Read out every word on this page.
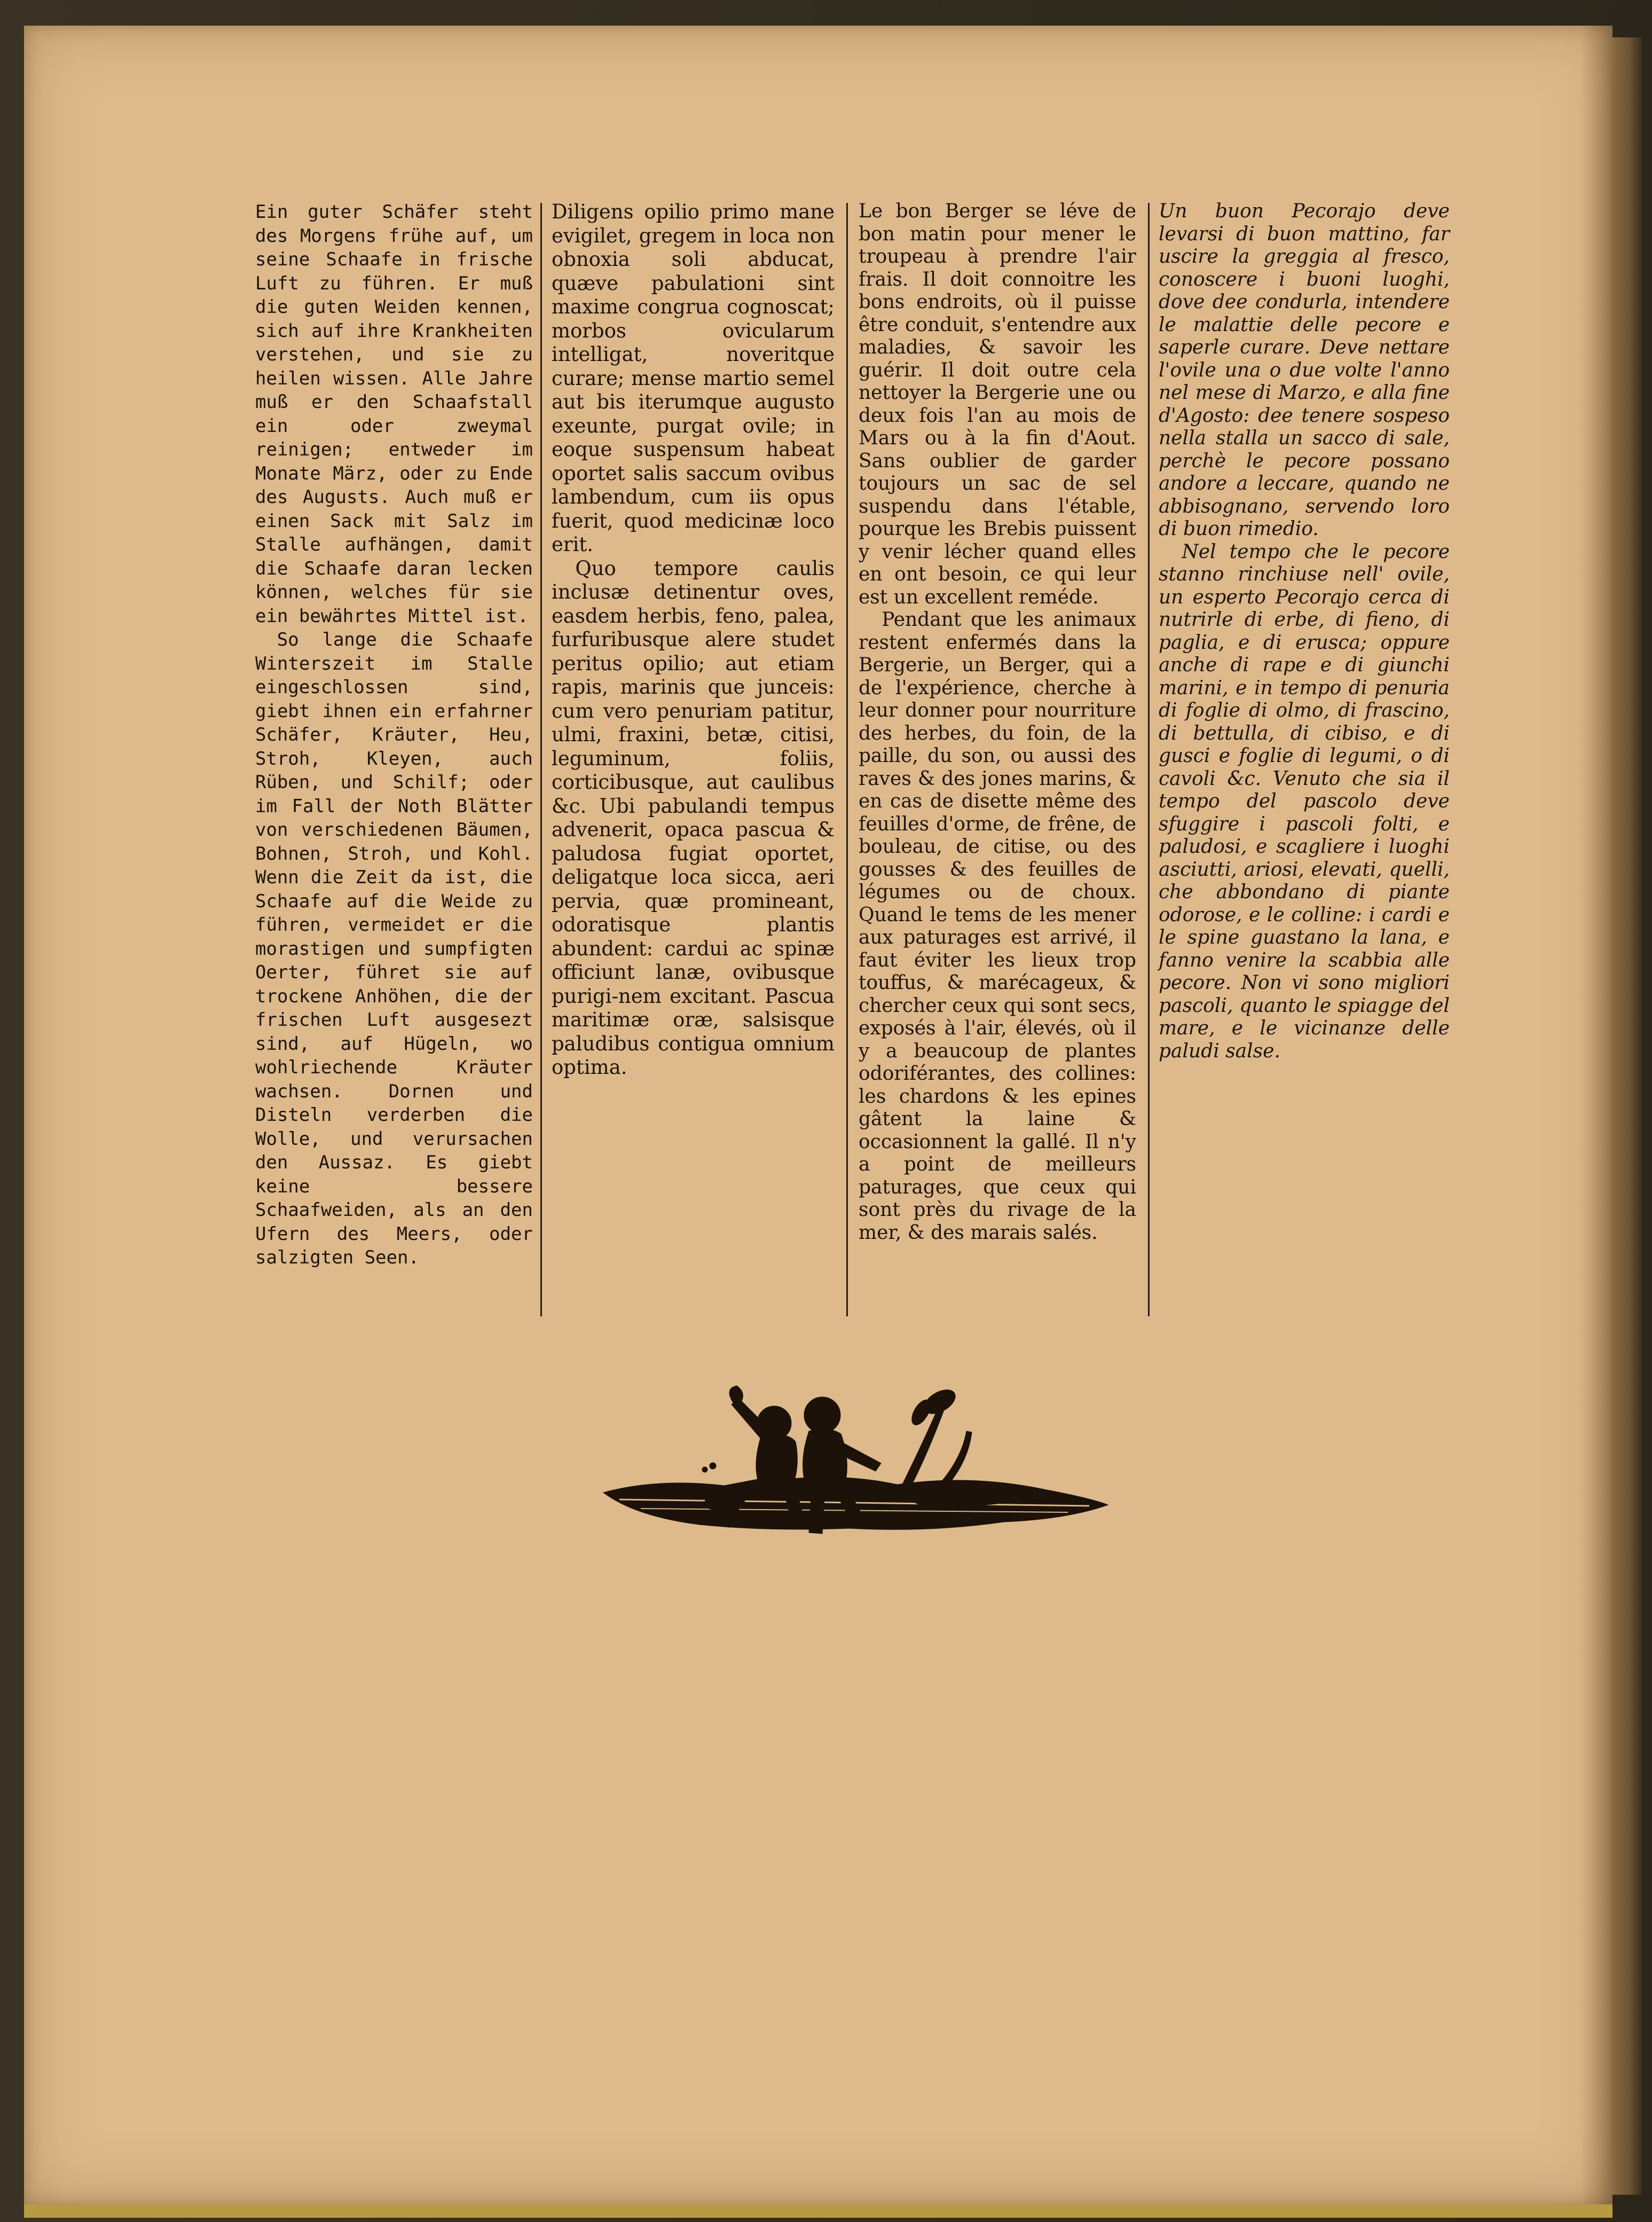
Ein guter Schäfer steht des Morgens frühe auf, um seine Schaafe in frische Luft zu führen. Er muß die guten Weiden kennen, sich auf ihre Krankheiten verstehen, und sie zu heilen wissen. Alle Jahre muß er den Schaafstall ein oder zweymal reinigen; entweder im Monate März, oder zu Ende des Augusts. Auch muß er einen Sack mit Salz im Stalle aufhängen, damit die Schaafe daran lecken können, welches für sie ein bewährtes Mittel ist.

So lange die Schaafe Winterszeit im Stalle eingeschlossen sind, giebt ihnen ein erfahrner Schäfer, Kräuter, Heu, Stroh, Kleyen, auch Rüben, und Schilf; oder im Fall der Noth Blätter von verschiedenen Bäumen, Bohnen, Stroh, und Kohl. Wenn die Zeit da ist, die Schaafe auf die Weide zu führen, vermeidet er die morastigen und sumpfigten Oerter, führet sie auf trockene Anhöhen, die der frischen Luft ausgesezt sind, auf Hügeln, wo wohlriechende Kräuter wachsen. Dornen und Disteln verderben die Wolle, und verursachen den Aussaz. Es giebt keine bessere Schaafweiden, als an den Ufern des Meers, oder salzigten Seen.

Diligens opilio primo mane evigilet, gregem in loca non obnoxia soli abducat, quæve pabulationi sint maxime congrua cognoscat; morbos ovicularum intelligat, noveritque curare; mense martio semel aut bis iterumque augusto exeunte, purgat ovile; in eoque suspensum habeat oportet salis saccum ovibus lambendum, cum iis opus fuerit, quod medicinæ loco erit.

Quo tempore caulis inclusæ detinentur oves, easdem herbis, feno, palea, furfuribusque alere studet peritus opilio; aut etiam rapis, marinis que junceis: cum vero penuriam patitur, ulmi, fraxini, betæ, citisi, leguminum, foliis, corticibusque, aut caulibus &c. Ubi pabulandi tempus advenerit, opaca pascua & paludosa fugiat oportet, deligatque loca sicca, aeri pervia, quæ promineant, odoratisque plantis abundent: cardui ac spinæ officiunt lanæ, ovibusque purigi-nem excitant. Pascua maritimæ oræ, salsisque paludibus contigua omnium optima.

Le bon Berger se léve de bon matin pour mener le troupeau à prendre l'air frais. Il doit connoitre les bons endroits, où il puisse être conduit, s'entendre aux maladies, & savoir les guérir. Il doit outre cela nettoyer la Bergerie une ou deux fois l'an au mois de Mars ou à la fin d'Aout. Sans oublier de garder toujours un sac de sel suspendu dans l'étable, pourque les Brebis puissent y venir lécher quand elles en ont besoin, ce qui leur est un excellent reméde.

Pendant que les animaux restent enfermés dans la Bergerie, un Berger, qui a de l'expérience, cherche à leur donner pour nourriture des herbes, du foin, de la paille, du son, ou aussi des raves & des jones marins, & en cas de disette même des feuilles d'orme, de frêne, de bouleau, de citise, ou des gousses & des feuilles de légumes ou de choux. Quand le tems de les mener aux paturages est arrivé, il faut éviter les lieux trop touffus, & marécageux, & chercher ceux qui sont secs, exposés à l'air, élevés, où il y a beaucoup de plantes odoriférantes, des collines: les chardons & les epines gâtent la laine & occasionnent la gallé. Il n'y a point de meilleurs paturages, que ceux qui sont près du rivage de la mer, & des marais salés.

Un buon Pecorajo deve levarsi di buon mattino, far uscire la greggia al fresco, conoscere i buoni luoghi, dove dee condurla, intendere le malattie delle pecore e saperle curare. Deve nettare l'ovile una o due volte l'anno nel mese di Marzo, e alla fine d'Agosto: dee tenere sospeso nella stalla un sacco di sale, perchè le pecore possano andore a leccare, quando ne abbisognano, servendo loro di buon rimedio.

Nel tempo che le pecore stanno rinchiuse nell' ovile, un esperto Pecorajo cerca di nutrirle di erbe, di fieno, di paglia, e di erusca; oppure anche di rape e di giunchi marini, e in tempo di penuria di foglie di olmo, di frascino, di bettulla, di cibiso, e di gusci e foglie di legumi, o di cavoli &c. Venuto che sia il tempo del pascolo deve sfuggire i pascoli folti, e paludosi, e scagliere i luoghi asciutti, ariosi, elevati, quelli, che abbondano di piante odorose, e le colline: i cardi e le spine guastano la lana, e fanno venire la scabbia alle pecore. Non vi sono migliori pascoli, quanto le spiagge del mare, e le vicinanze delle paludi salse.
